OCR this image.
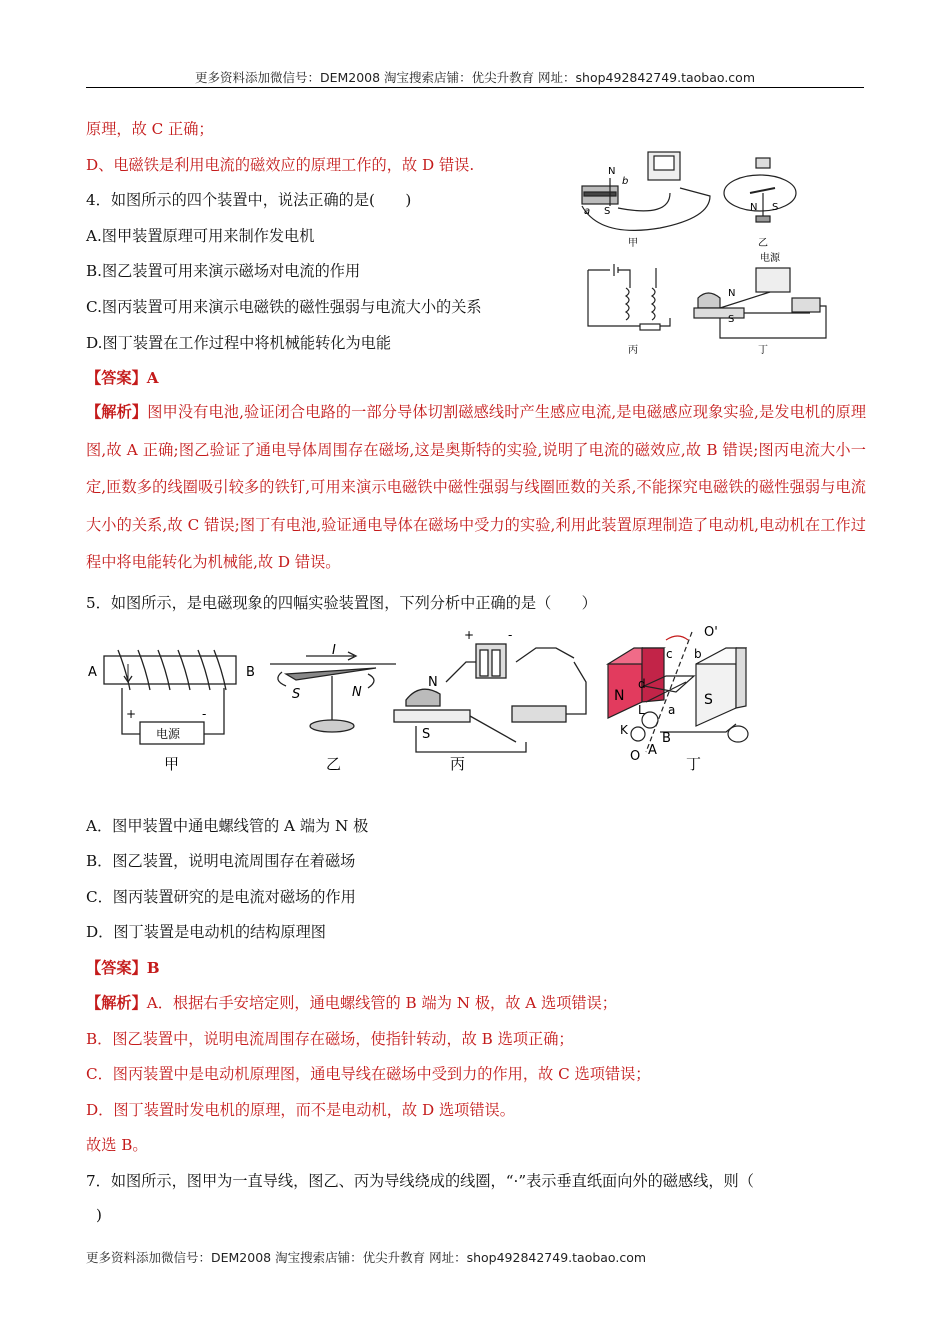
更多资料添加微信号：DEM2008 淘宝搜索店铺：优尖升教育 网址：shop492842749.taobao.com
原理，故 C 正确；
D、电磁铁是利用电流的磁效应的原理工作的，故 D 错误.
4．如图所示的四个装置中，说法正确的是(　　)
A.图甲装置原理可用来制作发电机
B.图乙装置可用来演示磁场对电流的作用
C.图丙装置可用来演示电磁铁的磁性强弱与电流大小的关系
D.图丁装置在工作过程中将机械能转化为电能
N
b
a S
甲
N S
乙
丙
电源
N
S
丁
【答案】A
【解析】图甲没有电池,验证闭合电路的一部分导体切割磁感线时产生感应电流,是电磁感应现象实验,是发电机的原理图,故 A 正确;图乙验证了通电导体周围存在磁场,这是奥斯特的实验,说明了电流的磁效应,故 B 错误;图丙电流大小一定,匝数多的线圈吸引较多的铁钉,可用来演示电磁铁中磁性强弱与线圈匝数的关系,不能探究电磁铁的磁性强弱与电流大小的关系,故 C 错误;图丁有电池,验证通电导体在磁场中受力的实验,利用此装置原理制造了电动机,电动机在工作过程中将电能转化为机械能,故 D 错误。
5．如图所示，是电磁现象的四幅实验装置图，下列分析中正确的是（　　）
A	B
+	-
电源
甲
I
S	N
乙
+	-
N
S
丙
O'
c b
N
d
S
L a
K
B
A
O	丁
A．图甲装置中通电螺线管的 A 端为 N 极
B．图乙装置，说明电流周围存在着磁场
C．图丙装置研究的是电流对磁场的作用
D．图丁装置是电动机的结构原理图
【答案】B
【解析】A．根据右手安培定则，通电螺线管的 B 端为 N 极，故 A 选项错误；
B．图乙装置中，说明电流周围存在磁场，使指针转动，故 B 选项正确；
C．图丙装置中是电动机原理图，通电导线在磁场中受到力的作用，故 C 选项错误；
D．图丁装置时发电机的原理，而不是电动机，故 D 选项错误。
故选 B。
7．如图所示，图甲为一直导线，图乙、丙为导线绕成的线圈，“·”表示垂直纸面向外的磁感线，则（
)
更多资料添加微信号：DEM2008 淘宝搜索店铺：优尖升教育 网址：shop492842749.taobao.com
